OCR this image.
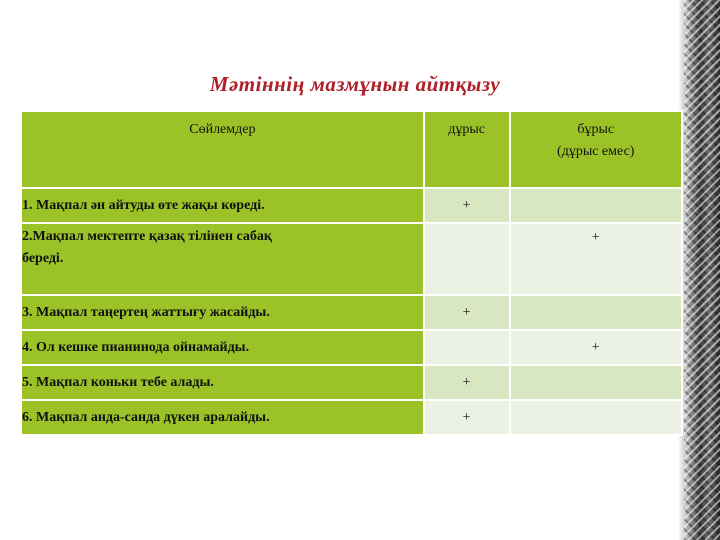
Мәтіннің мазмұнын айтқызу
Сөйлемдер	дұрыс	бұрыс
(дұрыс емес)

1. Мақпал ән айтуды өте жақы көреді.	+	

2.Мақпал мектепте қазақ тілінен сабақ
береді.		+
3. Мақпал таңертең жаттығу жасайды.	+	
4. Ол кешке пианинода ойнамайды.		+
5. Мақпал коньки тебе алады.	+	
6. Мақпал анда-санда дүкен аралайды.	+	
